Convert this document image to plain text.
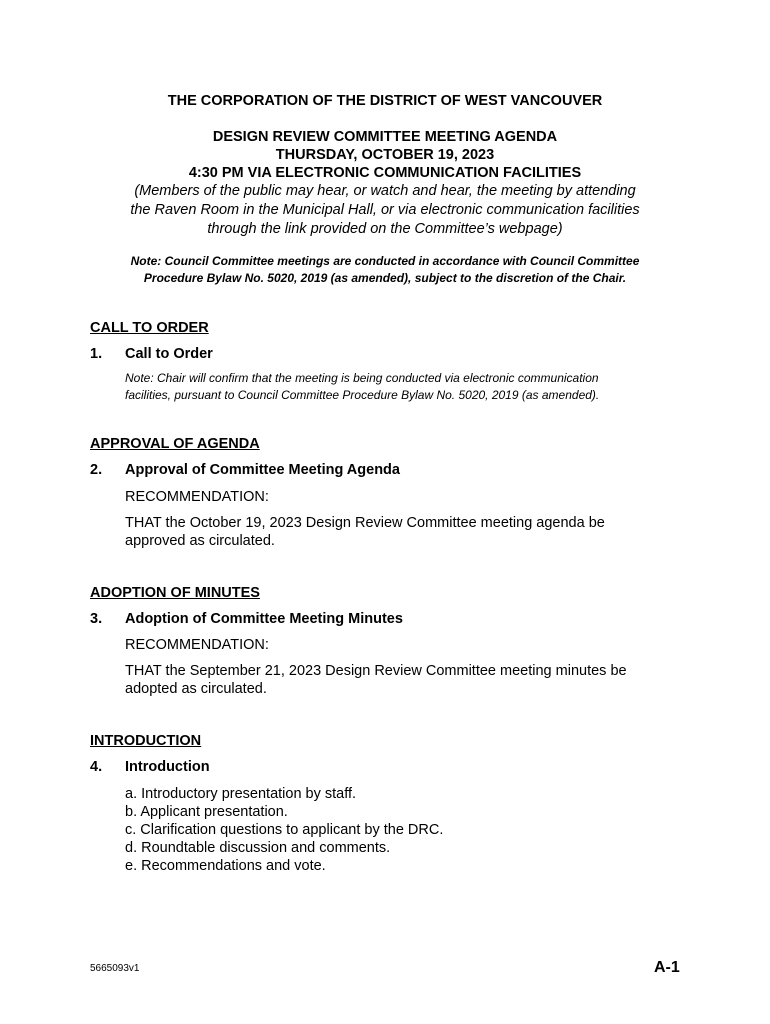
THE CORPORATION OF THE DISTRICT OF WEST VANCOUVER
DESIGN REVIEW COMMITTEE MEETING AGENDA
THURSDAY, OCTOBER 19, 2023
4:30 PM VIA ELECTRONIC COMMUNICATION FACILITIES
(Members of the public may hear, or watch and hear, the meeting by attending
the Raven Room in the Municipal Hall, or via electronic communication facilities
through the link provided on the Committee’s webpage)
Note: Council Committee meetings are conducted in accordance with Council Committee
Procedure Bylaw No. 5020, 2019 (as amended), subject to the discretion of the Chair.
CALL TO ORDER
1. Call to Order
Note: Chair will confirm that the meeting is being conducted via electronic communication
facilities, pursuant to Council Committee Procedure Bylaw No. 5020, 2019 (as amended).
APPROVAL OF AGENDA
2. Approval of Committee Meeting Agenda
RECOMMENDATION:
THAT the October 19, 2023 Design Review Committee meeting agenda be
approved as circulated.
ADOPTION OF MINUTES
3. Adoption of Committee Meeting Minutes
RECOMMENDATION:
THAT the September 21, 2023 Design Review Committee meeting minutes be
adopted as circulated.
INTRODUCTION
4. Introduction
a. Introductory presentation by staff.
b. Applicant presentation.
c. Clarification questions to applicant by the DRC.
d. Roundtable discussion and comments.
e. Recommendations and vote.
5665093v1	A-1
